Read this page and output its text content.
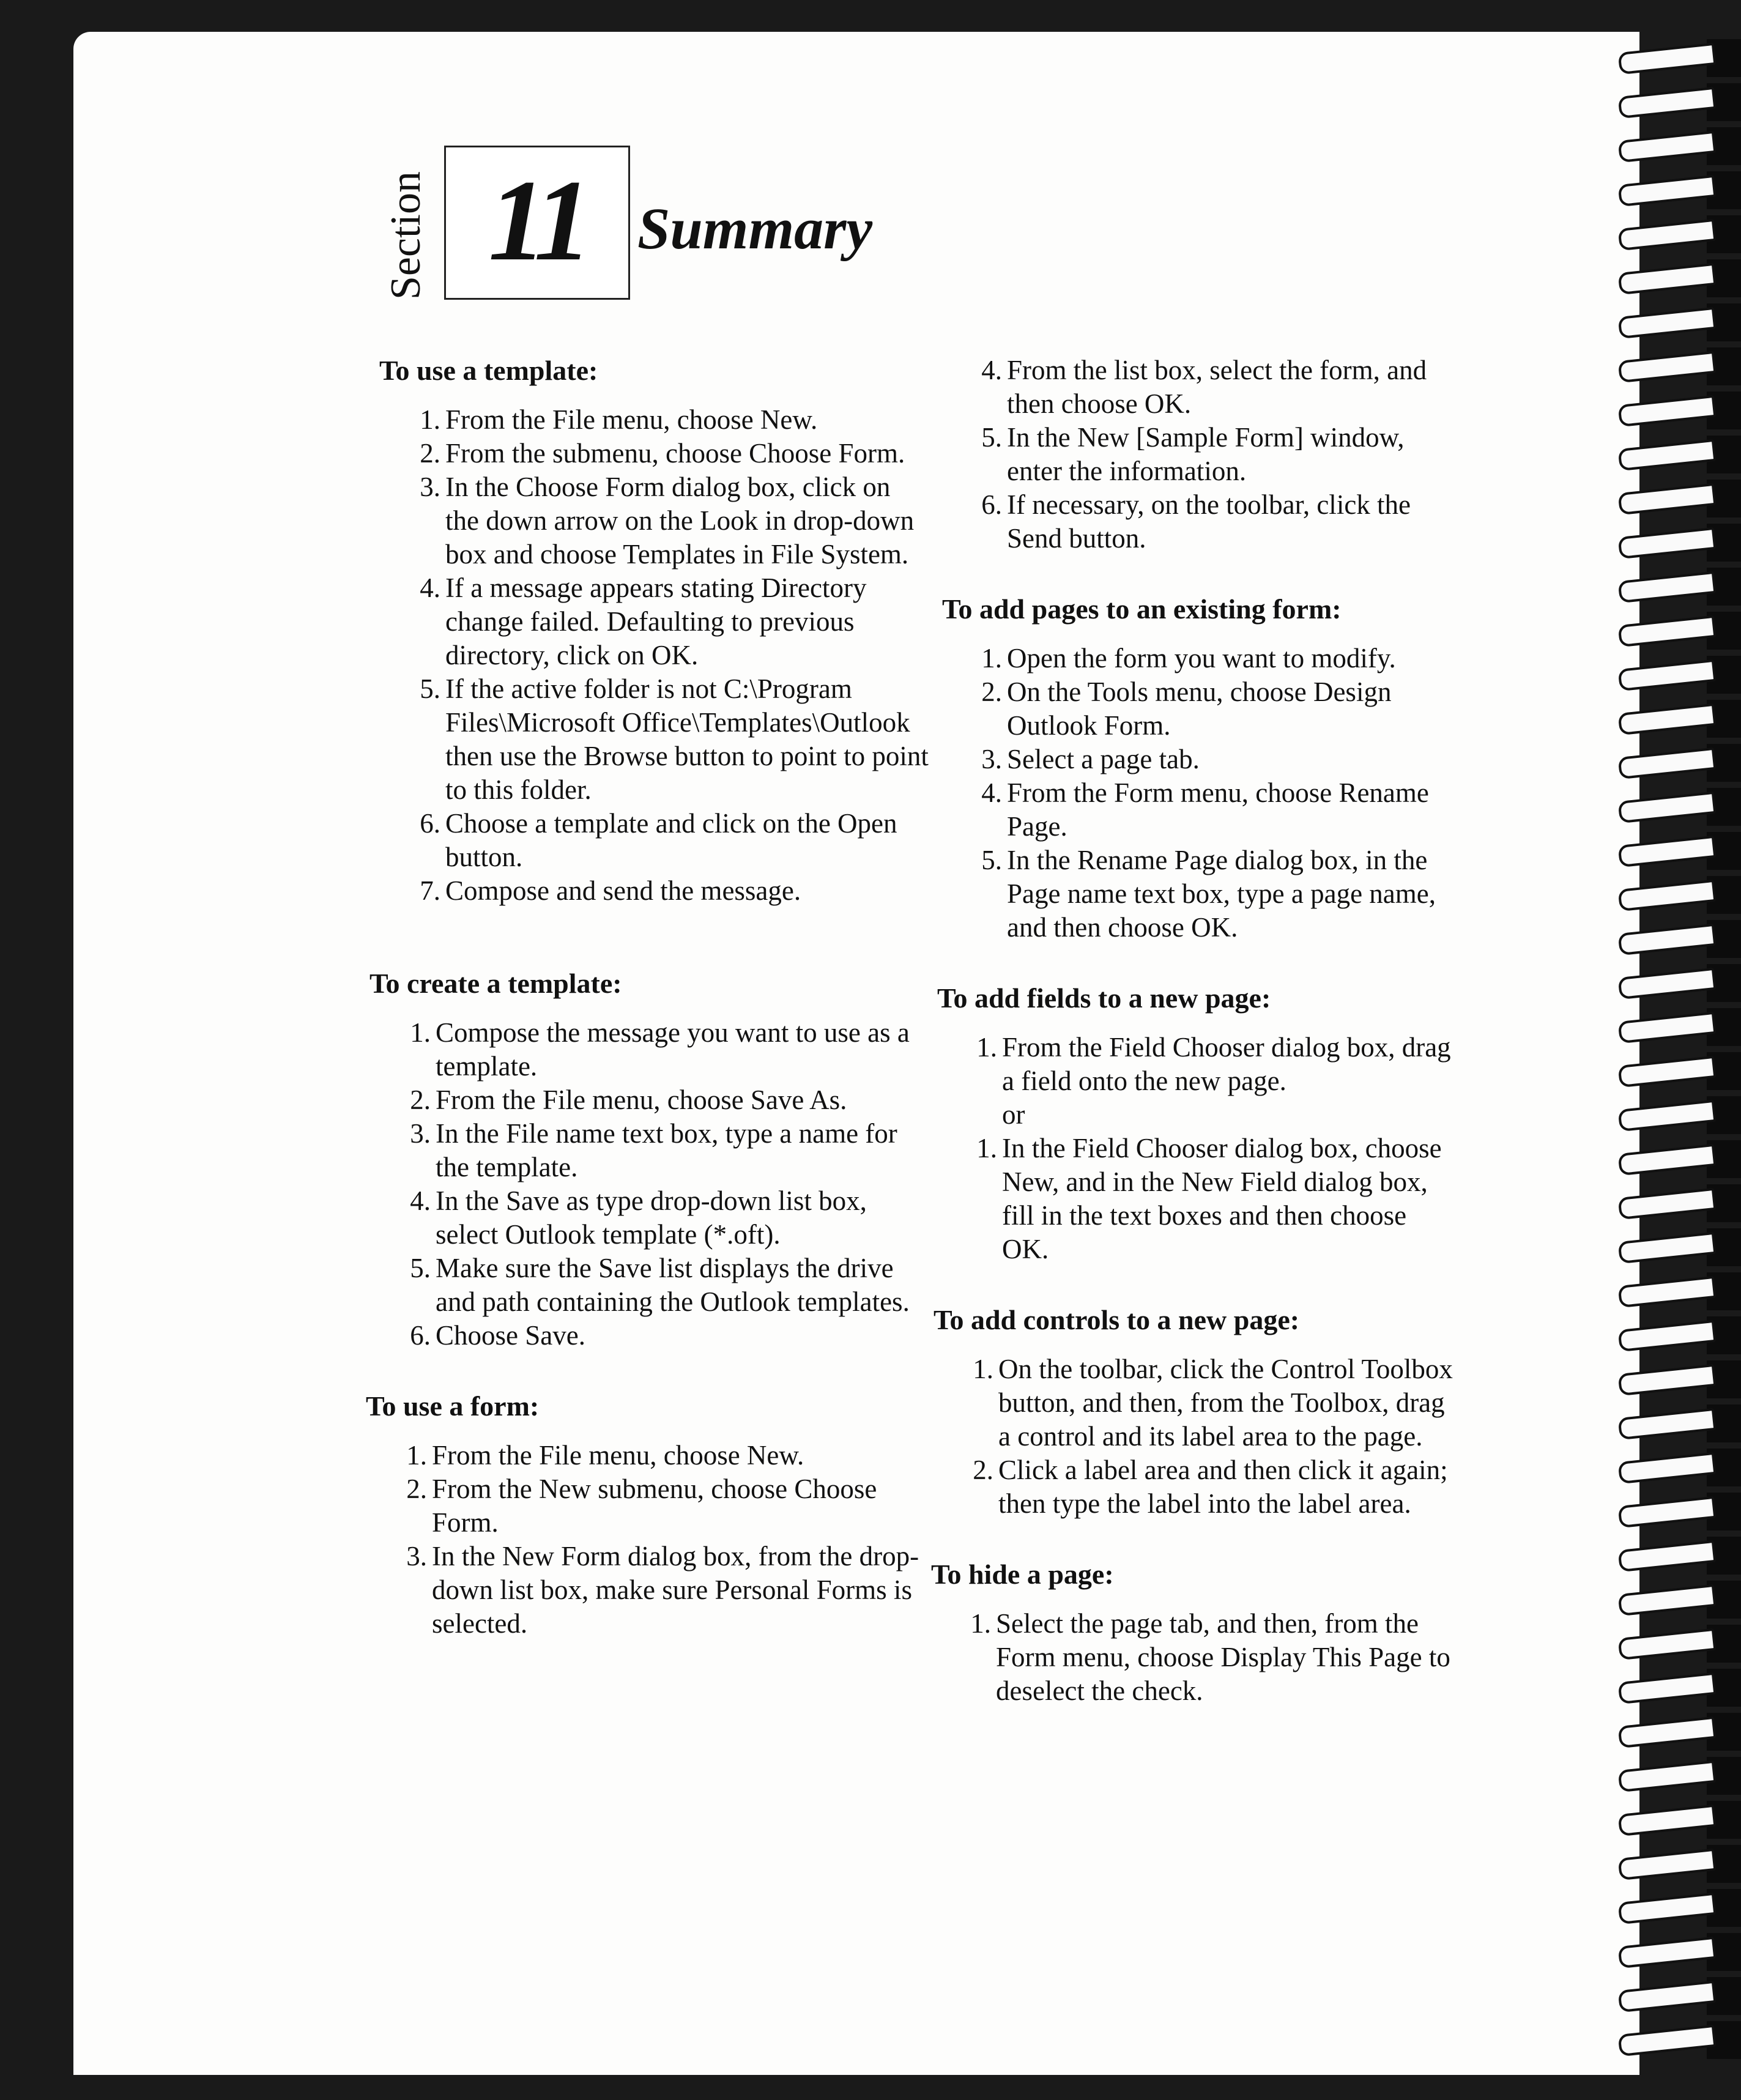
Section 11 Summary
To use a template:
1. From the File menu, choose New.
2. From the submenu, choose Choose Form.
3. In the Choose Form dialog box, click on the down arrow on the Look in drop-down box and choose Templates in File System.
4. If a message appears stating Directory change failed. Defaulting to previous directory, click on OK.
5. If the active folder is not C:\Program Files\Microsoft Office\Templates\Outlook then use the Browse button to point to point to this folder.
6. Choose a template and click on the Open button.
7. Compose and send the message.
To create a template:
1. Compose the message you want to use as a template.
2. From the File menu, choose Save As.
3. In the File name text box, type a name for the template.
4. In the Save as type drop-down list box, select Outlook template (*.oft).
5. Make sure the Save list displays the drive and path containing the Outlook templates.
6. Choose Save.
To use a form:
1. From the File menu, choose New.
2. From the New submenu, choose Choose Form.
3. In the New Form dialog box, from the drop-down list box, make sure Personal Forms is selected.
4. From the list box, select the form, and then choose OK.
5. In the New [Sample Form] window, enter the information.
6. If necessary, on the toolbar, click the Send button.
To add pages to an existing form:
1. Open the form you want to modify.
2. On the Tools menu, choose Design Outlook Form.
3. Select a page tab.
4. From the Form menu, choose Rename Page.
5. In the Rename Page dialog box, in the Page name text box, type a page name, and then choose OK.
To add fields to a new page:
1. From the Field Chooser dialog box, drag a field onto the new page.
or
1. In the Field Chooser dialog box, choose New, and in the New Field dialog box, fill in the text boxes and then choose OK.
To add controls to a new page:
1. On the toolbar, click the Control Toolbox button, and then, from the Toolbox, drag a control and its label area to the page.
2. Click a label area and then click it again; then type the label into the label area.
To hide a page:
1. Select the page tab, and then, from the Form menu, choose Display This Page to deselect the check.
